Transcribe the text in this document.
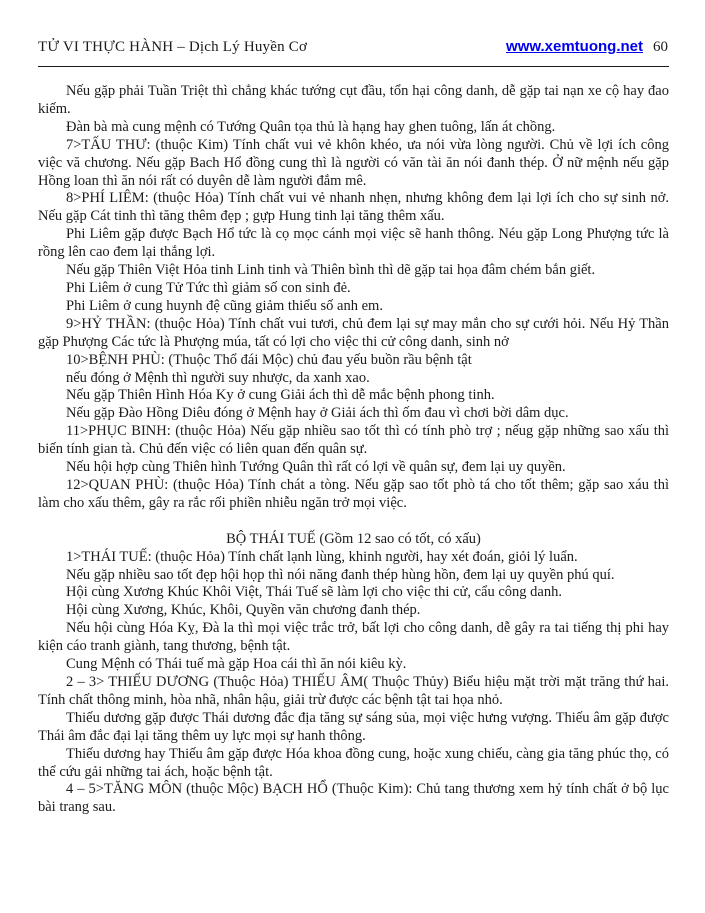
TỬ VI THỰC HÀNH – Dịch Lý Huyền Cơ	www.xemtuong.net 60

Nếu gặp phải Tuần Triệt thì chẳng khác tướng cụt đầu, tổn hại công danh, dễ gặp tai nạn xe cộ hay đao kiếm.

Đàn bà mà cung mệnh có Tướng Quân tọa thủ là hạng hay ghen tuông, lấn át chồng.

7>TẤU THƯ: (thuộc Kim) Tính chất vui vẻ khôn khéo, ưa nói vừa lòng người. Chủ về lợi ích công việc vă chương. Nếu gặp Bach Hổ đồng cung thì là người có văn tài ăn nói đanh thép. Ở nữ mệnh nếu gặp Hồng loan thì ăn nói rất có duyên dễ làm người đắm mê.

8>PHÍ LIÊM: (thuộc Hỏa) Tính chất vui vẻ nhanh nhẹn, nhưng không đem lại lợi ích cho sự sinh nở. Nếu gặp Cát tinh thì tăng thêm đẹp ; gựp Hung tinh lại tăng thêm xấu.

Phi Liêm gặp được Bạch Hổ tức là cọ mọc cánh mọi việc sẽ hanh thông. Néu gặp Long Phượng tức là rồng lên cao đem lại thắng lợi.

Nếu gặp Thiên Việt Hỏa tinh Linh tinh và Thiên bình thì dẽ gặp tai họa đâm chém bắn giết.

Phi Liêm ở cung Tử Tức thì giảm số con sinh đẻ.

Phi Liêm ở cung huynh đệ cũng giảm thiểu số anh em.

9>HỶ THẦN: (thuộc Hỏa) Tính chất vui tươi, chủ đem lại sự may mắn cho sự cưới hỏi. Nếu Hỷ Thần gặp Phượng Các tức là Phượng múa, tất có lợi cho việc thi cử công danh, sinh nở

10>BỆNH PHÙ: (Thuộc Thổ đái Mộc) chủ đau yếu buồn rầu bệnh tật

nếu đóng ở Mệnh thì người suy nhược, da xanh xao.

Nếu gặp Thiên Hình Hóa Ky ở cung Giải ách thì dễ mắc bệnh phong tinh.

Nếu gặp Đào Hồng Diêu đóng ở Mệnh hay ở Giải ách thì ốm đau vì chơi bời dâm dục.

11>PHỤC BINH: (thuộc Hỏa) Nếu gặp nhiều sao tốt thì có tính phò trợ ; nếug gặp những sao xấu thì biến tính gian tà. Chủ đến việc có liên quan đến quân sự.

Nếu hội hợp cùng Thiên hình Tướng Quân thì rất có lợi về quân sự, đem lại uy quyền.

12>QUAN PHÙ: (thuộc Hỏa) Tính chát a tòng. Nếu gặp sao tốt phò tá cho tốt thêm; gặp sao xáu thì làm cho xấu thêm, gây ra rắc rối phiền nhiễu ngăn trở mọi việc.

BỘ THÁI TUẾ (Gồm 12 sao có tốt, có xấu)

1>THÁI TUẾ: (thuộc Hỏa) Tính chất lạnh lùng, khinh người, hay xét đoán, giỏi lý luẩn.

Nếu gặp nhiều sao tốt đẹp hội họp thì nói năng đanh thép hùng hồn, đem lại uy quyền phú quí.

Hội cùng Xương Khúc Khôi Việt, Thái Tuế sẽ làm lợi cho việc thi cử, cẩu công danh.

Hội cùng Xương, Khúc, Khôi, Quyền văn chương đanh thép.

Nếu hội cùng Hóa Kỵ, Đà la thì mọi việc trắc trở, bất lợi cho công danh, dễ gây ra tai tiếng thị phi hay kiện cáo tranh giành, tang thương, bệnh tật.

Cung Mệnh có Thái tuế mà gặp Hoa cái thì ăn nói kiêu kỳ.

2 – 3> THIẾU DƯƠNG (Thuộc Hỏa) THIẾU ÂM( Thuộc Thủy) Biểu hiệu mặt trời mặt trăng thứ hai. Tính chất thông minh, hòa nhã, nhân hậu, giải trừ được các bệnh tật tai họa nhỏ.

Thiếu dương gặp được Thái dương đắc địa tăng sự sáng sủa, mọi việc hưng vượng. Thiếu âm gặp được Thái âm đắc đại lại tăng thêm uy lực mọi sự hanh thông.

Thiếu dương hay Thiếu âm gặp được Hóa khoa đồng cung, hoặc xung chiếu, càng gia tăng phúc thọ, có thể cứu gải những tai ách, hoặc bệnh tật.

4 – 5>TĂNG MÔN (thuộc Mộc) BẠCH HỔ (Thuộc Kim): Chủ tang thương xem hỷ tính chất ở bộ lục bài trang sau.
